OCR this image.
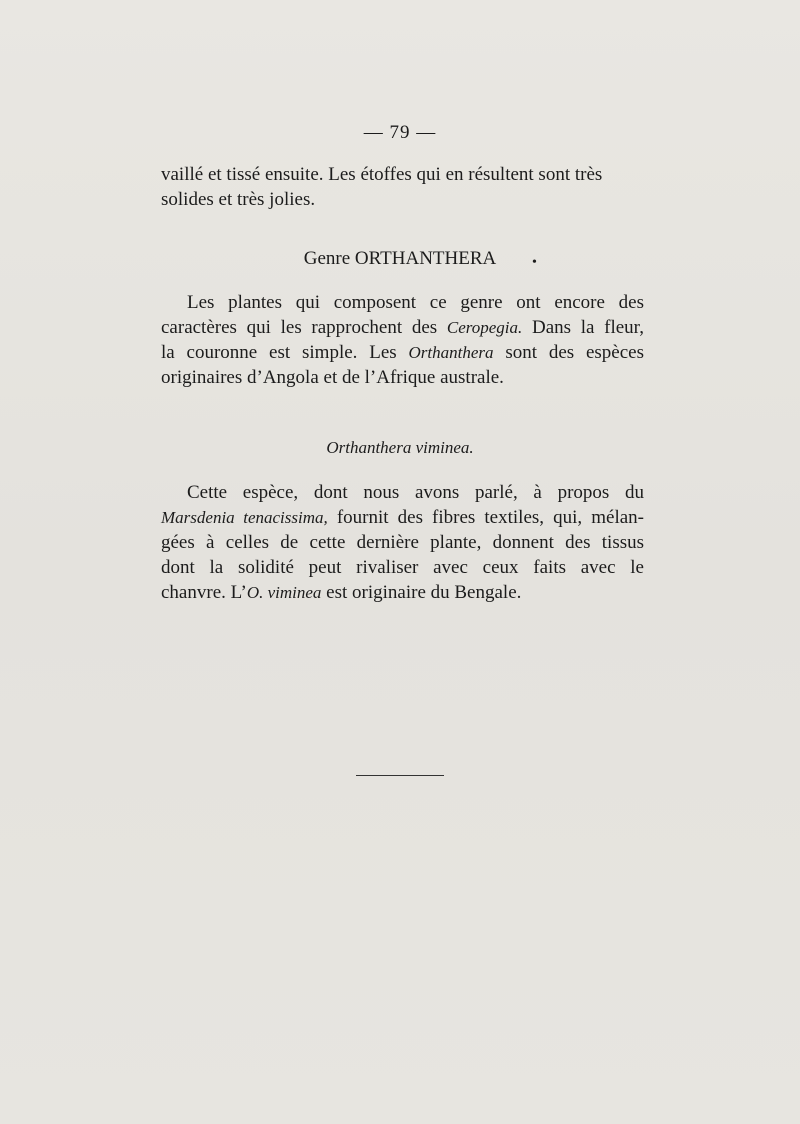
— 79 —
vaillé et tissé ensuite. Les étoffes qui en résultent sont très
solides et très jolies.
Genre ORTHANTHERA	•
Les plantes qui composent ce genre ont encore des
caractères qui les rapprochent des Ceropegia. Dans la fleur,
la couronne est simple. Les Orthanthera sont des espèces
originaires d’Angola et de l’Afrique australe.
Orthanthera viminea.
Cette espèce, dont nous avons parlé, à propos du
Marsdenia tenacissima, fournit des fibres textiles, qui, mélan-
gées à celles de cette dernière plante, donnent des tissus
dont la solidité peut rivaliser avec ceux faits avec le
chanvre. L’O. viminea est originaire du Bengale.
